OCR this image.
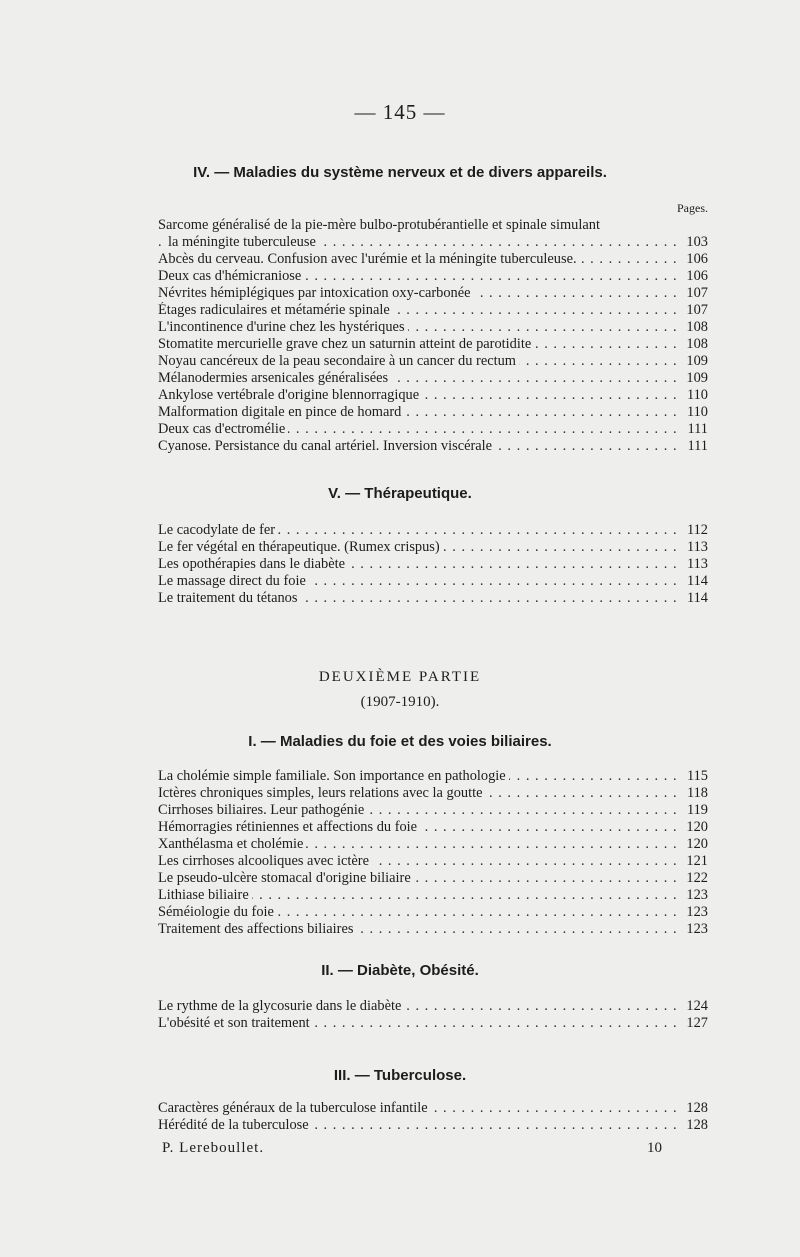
— 145 —
IV. — Maladies du système nerveux et de divers appareils.
Pages.
Sarcome généralisé de la pie-mère bulbo-protubérantielle et spinale simulant
. . . la méningite tuberculeuse	103
. . . Abcès du cerveau. Confusion avec l'urémie et la méningite tuberculeuse.	106
. . . Deux cas d'hémicraniose	106
. . . Névrites hémiplégiques par intoxication oxy-carbonée	107
. . . Étages radiculaires et métamérie spinale	107
. . . L'incontinence d'urine chez les hystériques	108
. . . Stomatite mercurielle grave chez un saturnin atteint de parotidite	108
. . . Noyau cancéreux de la peau secondaire à un cancer du rectum	109
. . . Mélanodermies arsenicales généralisées	109
. . . Ankylose vertébrale d'origine blennorragique	110
. . . Malformation digitale en pince de homard	110
. . . Deux cas d'ectromélie	111
. . . Cyanose. Persistance du canal artériel. Inversion viscérale	111
V. — Thérapeutique.
. . . Le cacodylate de fer	112
. . . Le fer végétal en thérapeutique. (Rumex crispus)	113
. . . Les opothérapies dans le diabète	113
. . . Le massage direct du foie	114
. . . Le traitement du tétanos	114
DEUXIÈME PARTIE
(1907-1910).
I. — Maladies du foie et des voies biliaires.
. . . La cholémie simple familiale. Son importance en pathologie	115
. . . Ictères chroniques simples, leurs relations avec la goutte	118
. . . Cirrhoses biliaires. Leur pathogénie	119
. . . Hémorragies rétiniennes et affections du foie	120
. . . Xanthélasma et cholémie	120
. . . Les cirrhoses alcooliques avec ictère	121
. . . Le pseudo-ulcère stomacal d'origine biliaire	122
. . . Lithiase biliaire	123
. . . Séméiologie du foie	123
. . . Traitement des affections biliaires	123
II. — Diabète, Obésité.
. . . Le rythme de la glycosurie dans le diabète	124
. . . L'obésité et son traitement	127
III. — Tuberculose.
. . . Caractères généraux de la tuberculose infantile	128
. . . Hérédité de la tuberculose	128
P. Lereboullet.	10
